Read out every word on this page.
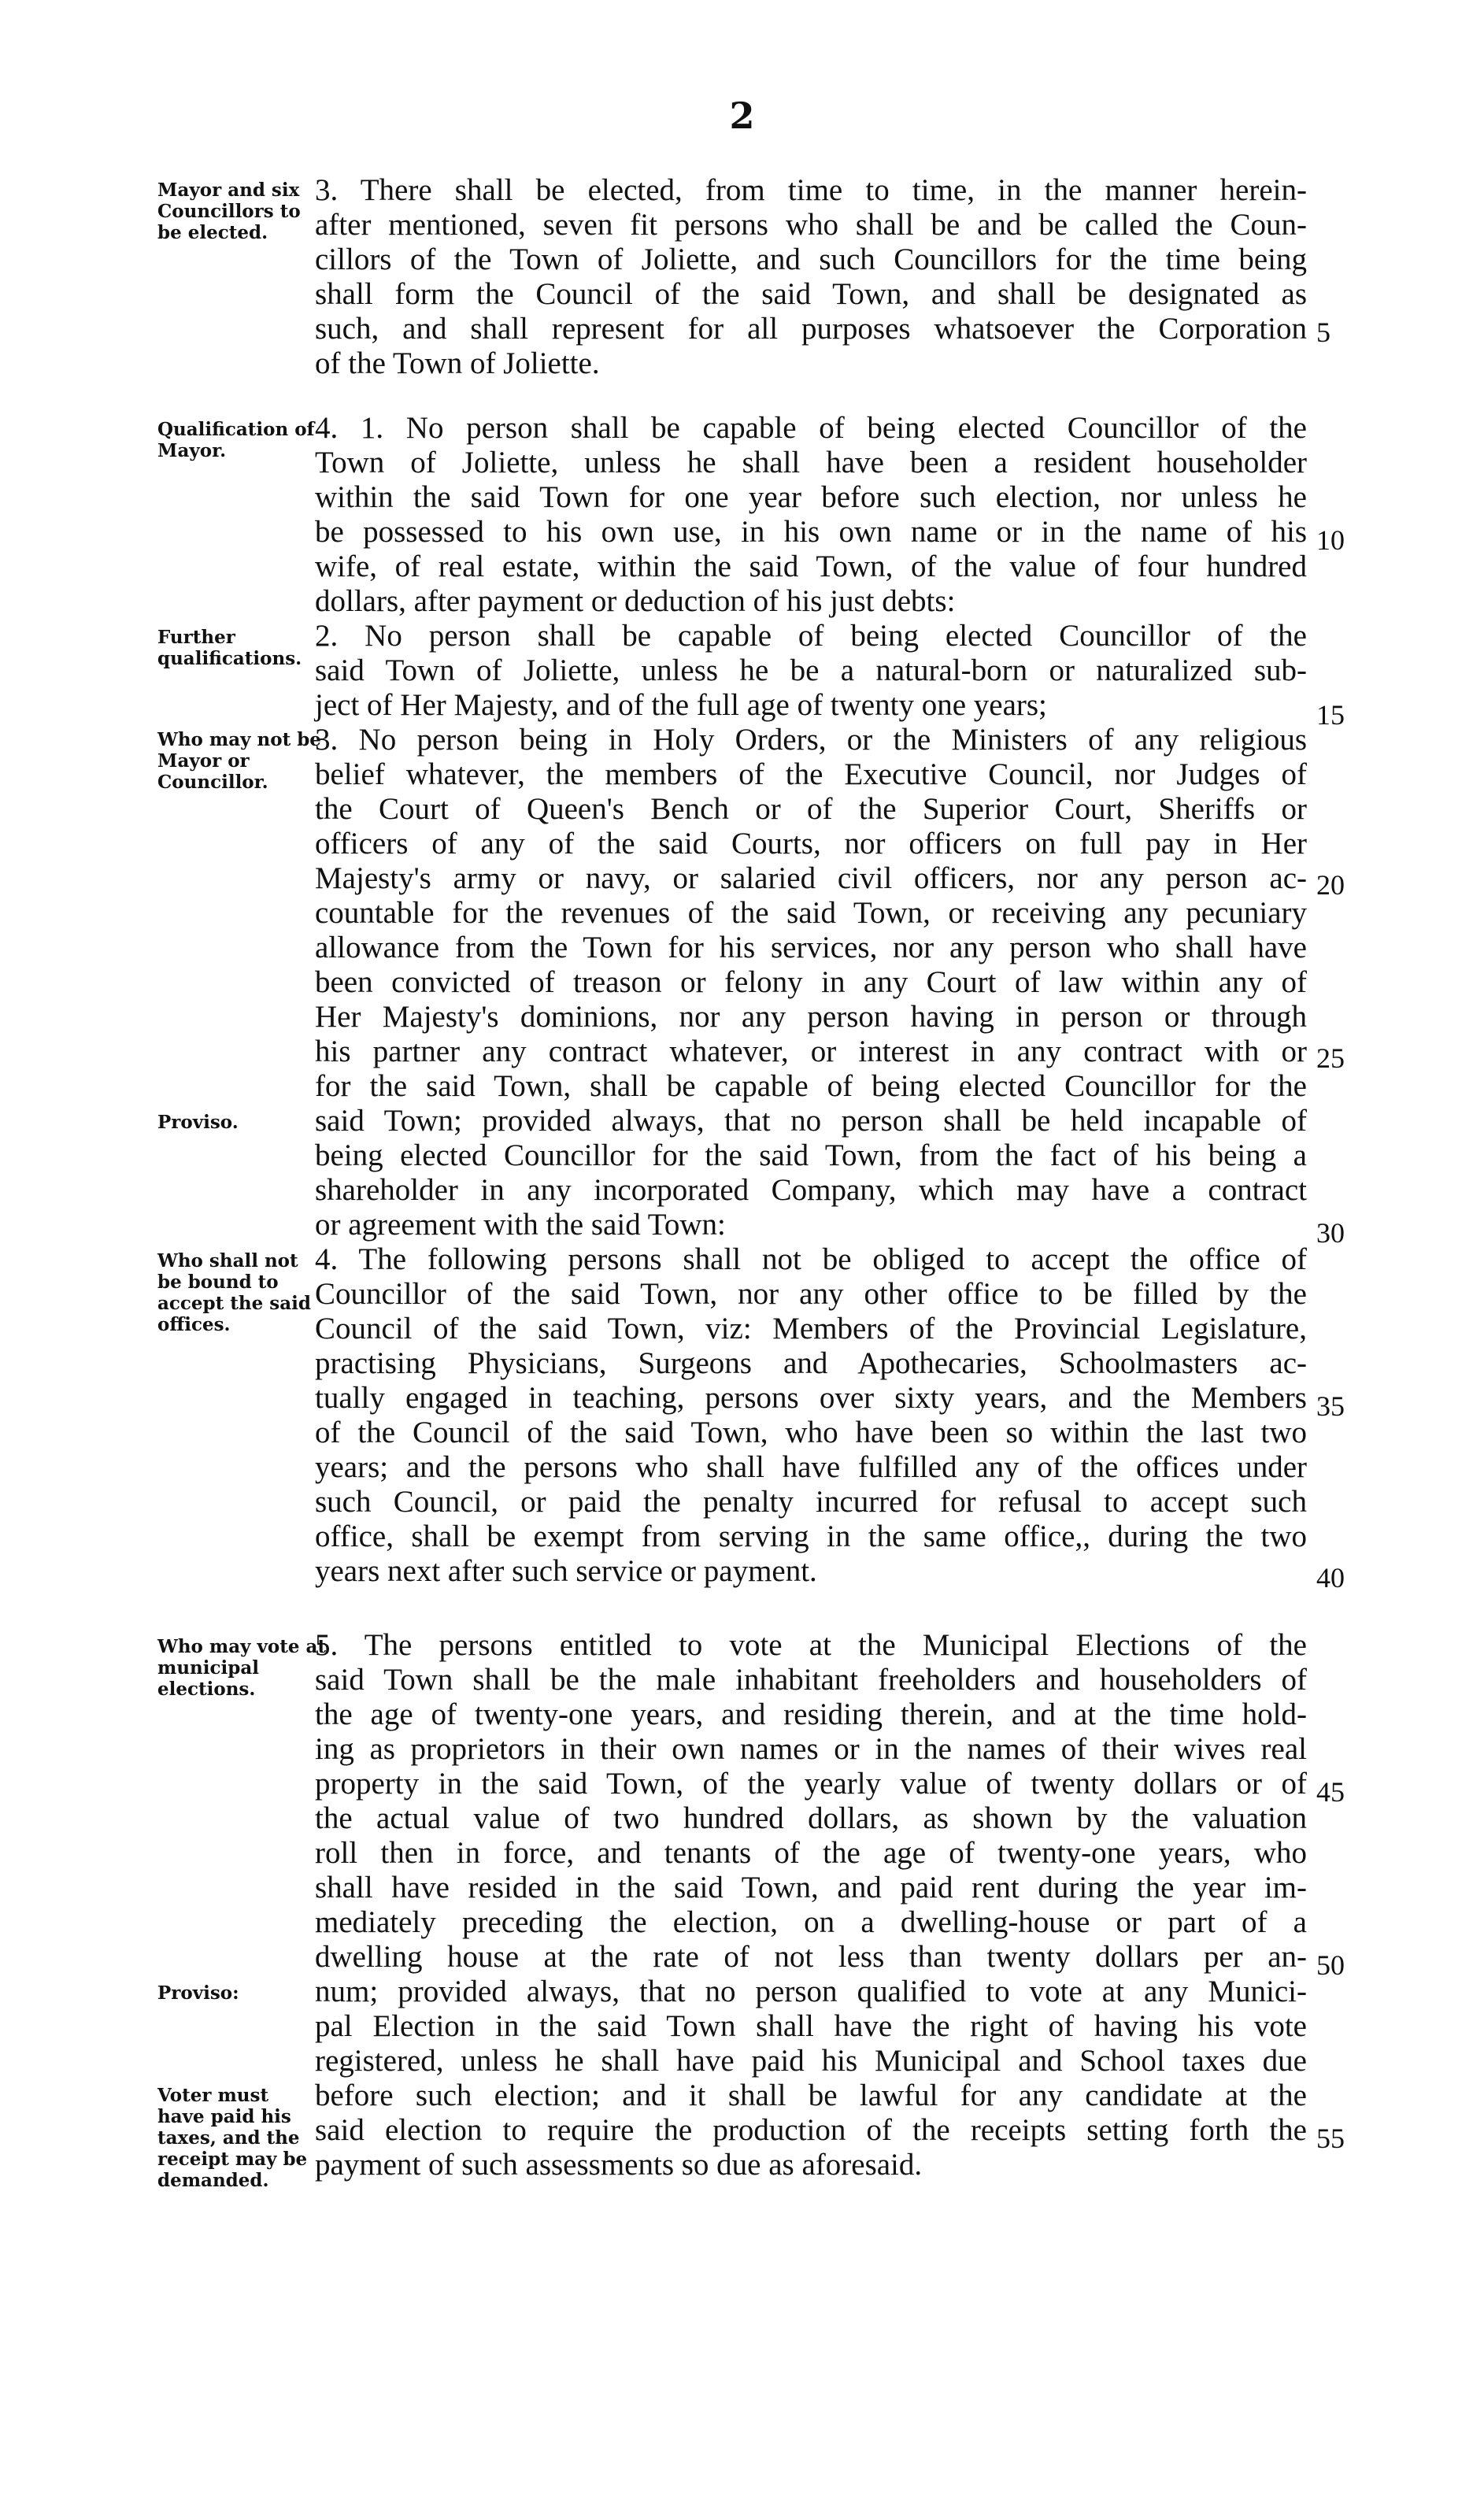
2
Mayor and six Councillors to be elected.
3. There shall be elected, from time to time, in the manner herein-
after mentioned, seven fit persons who shall be and be called the Coun-
cillors of the Town of Joliette, and such Councillors for the time being
shall form the Council of the said Town, and shall be designated as
such, and shall represent for all purposes whatsoever the Corporation 5
of the Town of Joliette.
Qualification of Mayor.
4. 1. No person shall be capable of being elected Councillor of the
Town of Joliette, unless he shall have been a resident householder
within the said Town for one year before such election, nor unless he
be possessed to his own use, in his own name or in the name of his 10
wife, of real estate, within the said Town, of the value of four hundred
dollars, after payment or deduction of his just debts:
Further qualifications.
2. No person shall be capable of being elected Councillor of the
said Town of Joliette, unless he be a natural-born or naturalized sub-
ject of Her Majesty, and of the full age of twenty one years;	15
Who may not be Mayor or Councillor.
3. No person being in Holy Orders, or the Ministers of any religious
belief whatever, the members of the Executive Council, nor Judges of
the Court of Queen's Bench or of the Superior Court, Sheriffs or
officers of any of the said Courts, nor officers on full pay in Her
Majesty's army or navy, or salaried civil officers, nor any person ac- 20
countable for the revenues of the said Town, or receiving any pecuniary
allowance from the Town for his services, nor any person who shall have
been convicted of treason or felony in any Court of law within any of
Her Majesty's dominions, nor any person having in person or through
his partner any contract whatever, or interest in any contract with or 25
for the said Town, shall be capable of being elected Councillor for the
Proviso.	said Town; provided always, that no person shall be held incapable of
being elected Councillor for the said Town, from the fact of his being a
shareholder in any incorporated Company, which may have a contract
or agreement with the said Town:	30
Who shall not be bound to accept the said offices.
4. The following persons shall not be obliged to accept the office of
Councillor of the said Town, nor any other office to be filled by the
Council of the said Town, viz: Members of the Provincial Legislature,
practising Physicians, Surgeons and Apothecaries, Schoolmasters ac-
tually engaged in teaching, persons over sixty years, and the Members 35
of the Council of the said Town, who have been so within the last two
years; and the persons who shall have fulfilled any of the offices under
such Council, or paid the penalty incurred for refusal to accept such
office, shall be exempt from serving in the same office,, during the two
years next after such service or payment.	40
Who may vote at municipal elections.
5. The persons entitled to vote at the Municipal Elections of the
said Town shall be the male inhabitant freeholders and householders of
the age of twenty-one years, and residing therein, and at the time hold-
ing as proprietors in their own names or in the names of their wives real
property in the said Town, of the yearly value of twenty dollars or of 45
the actual value of two hundred dollars, as shown by the valuation
roll then in force, and tenants of the age of twenty-one years, who
shall have resided in the said Town, and paid rent during the year im-
mediately preceding the election, on a dwelling-house or part of a
dwelling house at the rate of not less than twenty dollars per an- 50
Proviso:	num; provided always, that no person qualified to vote at any Munici-
pal Election in the said Town shall have the right of having his vote
registered, unless he shall have paid his Municipal and School taxes due
Voter must have paid his taxes, and the receipt may be demanded.
before such election; and it shall be lawful for any candidate at the
said election to require the production of the receipts setting forth the 55
payment of such assessments so due as aforesaid.
